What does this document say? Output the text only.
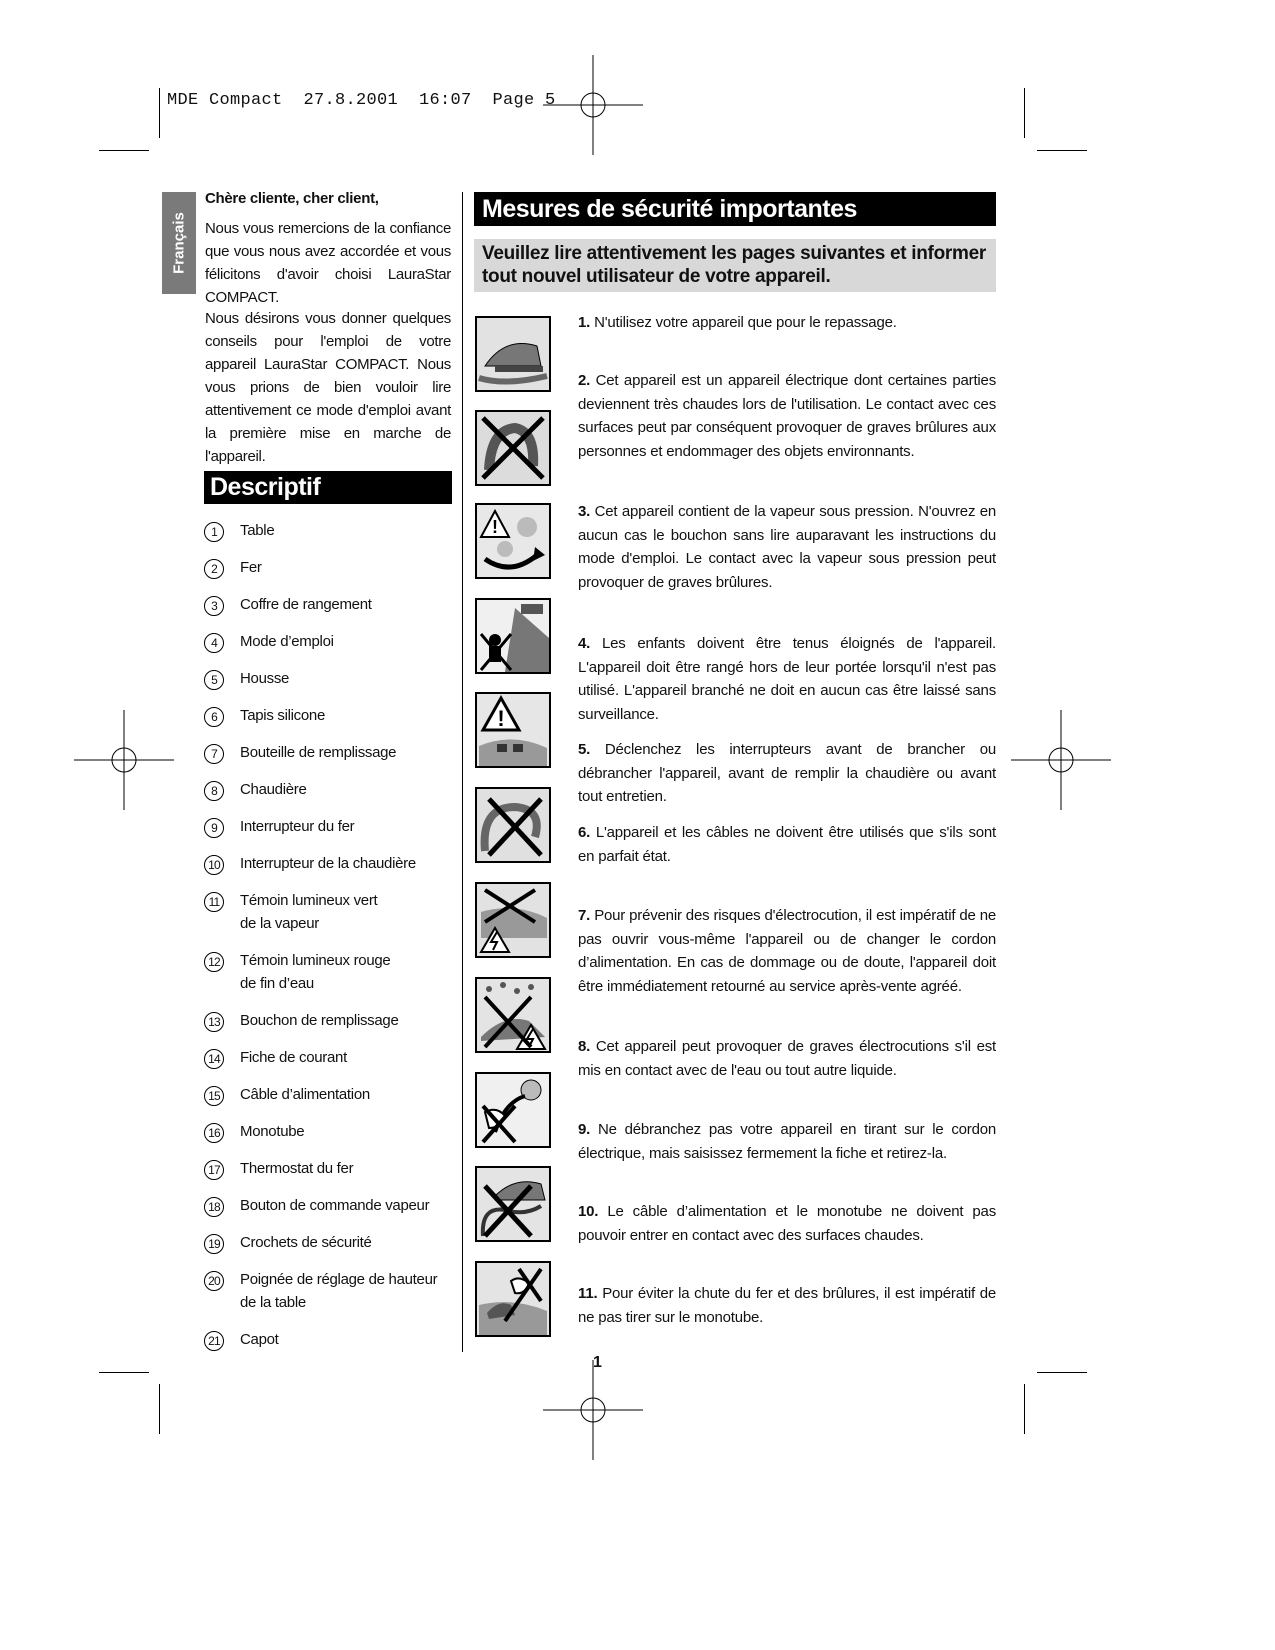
MDE Compact  27.8.2001  16:07  Page 5
Français
Chère cliente, cher client,
Nous vous remercions de la confiance que vous nous avez accordée et vous félicitons d'avoir choisi LauraStar COMPACT.
Nous désirons vous donner quelques conseils pour l'emploi de votre appareil LauraStar COMPACT. Nous vous prions de bien vouloir lire attentivement ce mode d'emploi avant la première mise en marche de l'appareil.
Descriptif
1	Table
2	Fer
3	Coffre de rangement
4	Mode d’emploi
5	Housse
6	Tapis silicone
7	Bouteille de remplissage
8	Chaudière
9	Interrupteur du fer
10 Interrupteur de la chaudière
11	Témoin lumineux vert de la vapeur
12 Témoin lumineux rouge de fin d’eau
13 Bouchon de remplissage
14 Fiche de courant
15 Câble d’alimentation
16 Monotube
17 Thermostat du fer
18 Bouton de commande vapeur
19 Crochets de sécurité
20 Poignée de réglage de hauteur de la table
21 Capot
Mesures de sécurité importantes
Veuillez lire attentivement les pages suivantes et informer tout nouvel utilisateur de votre appareil.
!
!
1. N'utilisez votre appareil que pour le repassage.
2. Cet appareil est un appareil électrique dont certaines parties deviennent très chaudes lors de l'utilisation. Le contact avec ces surfaces peut par conséquent provoquer de graves brûlures aux personnes et endommager des objets environnants.
3. Cet appareil contient de la vapeur sous pression. N'ouvrez en aucun cas le bouchon sans lire auparavant les instructions du mode d'emploi. Le contact avec la vapeur sous pression peut provoquer de graves brûlures.
4. Les enfants doivent être tenus éloignés de l'appareil. L'appareil doit être rangé hors de leur portée lorsqu'il n'est pas utilisé. L'appareil branché ne doit en aucun cas être laissé sans surveillance.
5. Déclenchez les interrupteurs avant de brancher ou débrancher l'appareil, avant de remplir la chaudière ou avant tout entretien.
6. L'appareil et les câbles ne doivent être utilisés que s'ils sont en parfait état.
7. Pour prévenir des risques d'électrocution, il est impératif de ne pas ouvrir vous-même l'appareil ou de changer le cordon d’alimentation. En cas de dommage ou de doute, l'appareil doit être immédiatement retourné au service après-vente agréé.
8. Cet appareil peut provoquer de graves électrocutions s'il est mis en contact avec de l'eau ou tout autre liquide.
9. Ne débranchez pas votre appareil en tirant sur le cordon électrique, mais saisissez fermement la fiche et retirez-la.
10. Le câble d’alimentation et le monotube ne doivent pas pouvoir entrer en contact avec des surfaces chaudes.
11. Pour éviter la chute du fer et des brûlures, il est impératif de ne pas tirer sur le monotube.
1
